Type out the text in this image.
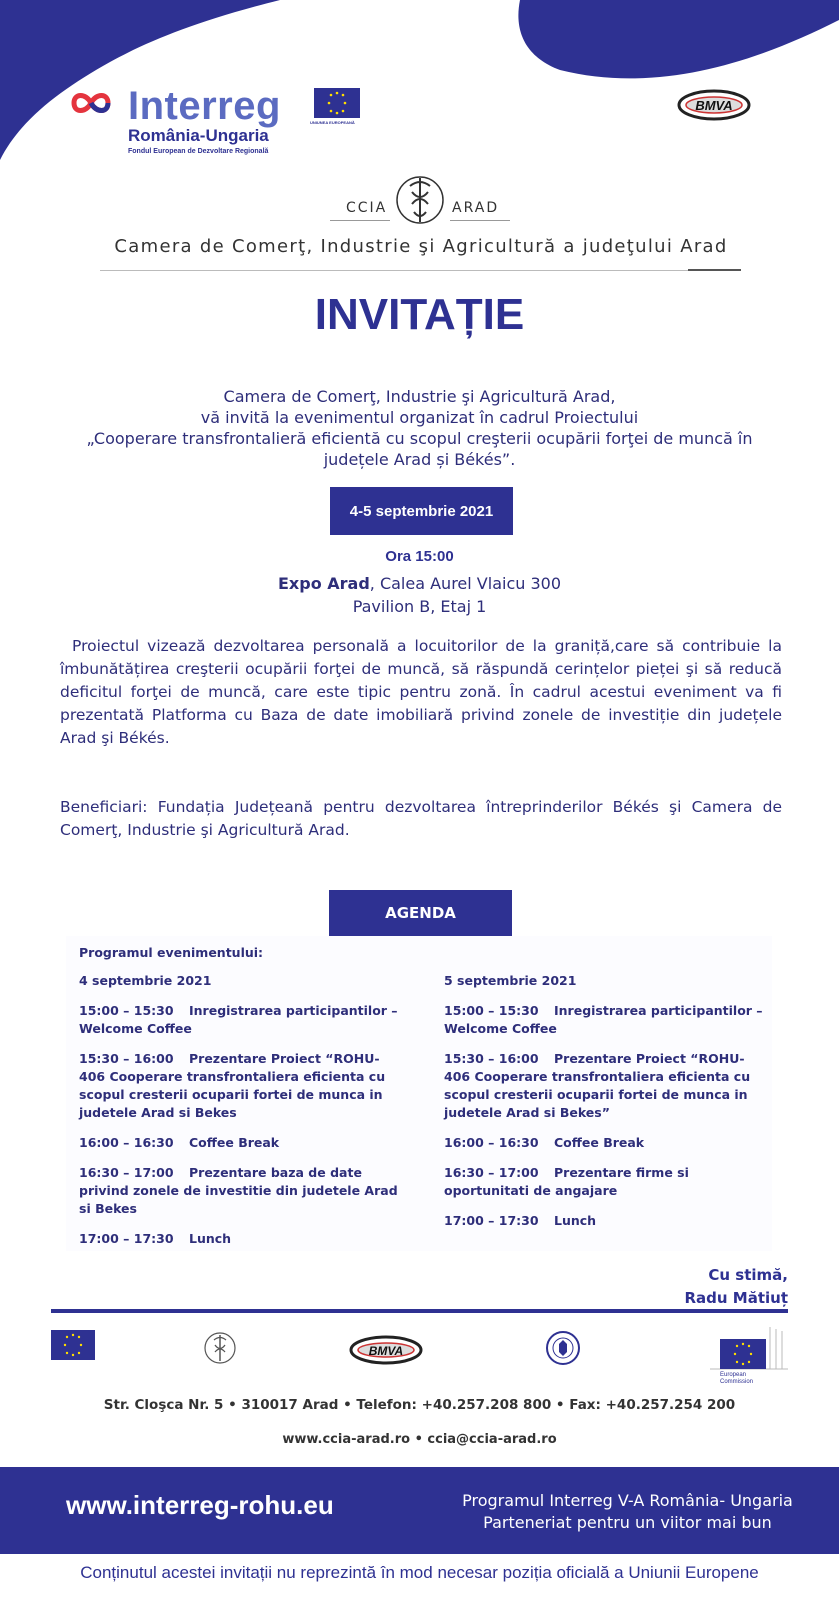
Interreg
România-Ungaria
Fondul European de Dezvoltare Regională
UNIUNEA EUROPEANĂ
BMVA
CCIA	ARAD
Camera de Comerţ, Industrie şi Agricultură a judeţului Arad
INVITAȚIE
Camera de Comerţ, Industrie şi Agricultură Arad,
vă invită la evenimentul organizat în cadrul Proiectului
„Cooperare transfrontalieră eficientă cu scopul creşterii ocupării forţei de muncă în județele Arad și Békés”.
4-5 septembrie 2021
Ora 15:00
Expo Arad, Calea Aurel Vlaicu 300
Pavilion B, Etaj 1

Proiectul vizează dezvoltarea personală a locuitorilor de la graniță,care să contribuie la îmbunătățirea creşterii ocupării forţei de muncă, să răspundă cerințelor pieței şi să reducă deficitul forţei de muncă, care este tipic pentru zonă. În cadrul acestui eveniment va fi prezentată Platforma cu Baza de date imobiliară privind zonele de investiție din județele Arad şi Békés.

Beneficiari: Fundația Județeană pentru dezvoltarea întreprinderilor Békés şi Camera de Comerţ, Industrie şi Agricultură Arad.

AGENDA
Programul evenimentului:
4 septembrie 2021
15:00 – 15:30 Inregistrarea participantilor – Welcome Coffee
15:30 – 16:00 Prezentare Proiect “ROHU-406 Cooperare transfrontaliera eficienta cu scopul cresterii ocuparii fortei de munca in judetele Arad si Bekes
16:00 – 16:30 Coffee Break
16:30 – 17:00 Prezentare baza de date privind zonele de investitie din judetele Arad si Bekes
17:00 – 17:30 Lunch
5 septembrie 2021
15:00 – 15:30 Inregistrarea participantilor – Welcome Coffee
15:30 – 16:00 Prezentare Proiect “ROHU-406 Cooperare transfrontaliera eficienta cu scopul cresterii ocuparii fortei de munca in judetele Arad si Bekes”
16:00 – 16:30 Coffee Break
16:30 – 17:00 Prezentare firme si oportunitati de angajare
17:00 – 17:30 Lunch
Cu stimă,
Radu Mătiuț
BMVA
European
Commission
Str. Cloşca Nr. 5 • 310017 Arad • Telefon: +40.257.208 800 • Fax: +40.257.254 200
www.ccia-arad.ro • ccia@ccia-arad.ro
www.interreg-rohu.eu	Programul Interreg V-A România- Ungaria
Parteneriat pentru un viitor mai bun
Conținutul acestei invitații nu reprezintă în mod necesar poziția oficială a Uniunii Europene
